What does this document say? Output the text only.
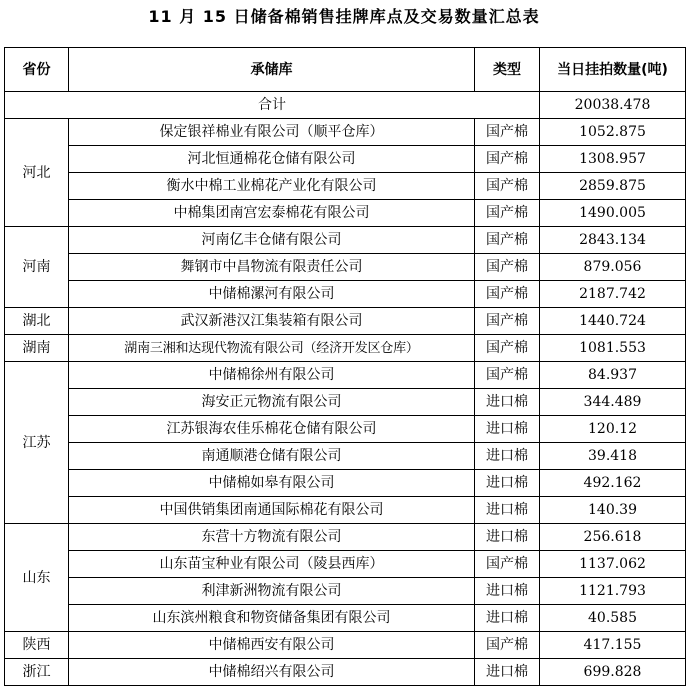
11 月 15 日储备棉销售挂牌库点及交易数量汇总表
省份	承储库	类型	当日挂拍数量(吨)
合计			20038.478
河北	保定银祥棉业有限公司（顺平仓库）	国产棉	1052.875
	河北恒通棉花仓储有限公司	国产棉	1308.957
	衡水中棉工业棉花产业化有限公司	国产棉	2859.875
	中棉集团南宫宏泰棉花有限公司	国产棉	1490.005
河南	河南亿丰仓储有限公司	国产棉	2843.134
	舞钢市中昌物流有限责任公司	国产棉	879.056
	中储棉漯河有限公司	国产棉	2187.742
湖北	武汉新港汉江集装箱有限公司	国产棉	1440.724
湖南	湖南三湘和达现代物流有限公司（经济开发区仓库）	国产棉	1081.553
江苏	中储棉徐州有限公司	国产棉	84.937
	海安正元物流有限公司	进口棉	344.489
	江苏银海农佳乐棉花仓储有限公司	进口棉	120.12
	南通顺港仓储有限公司	进口棉	39.418
	中储棉如皋有限公司	进口棉	492.162
	中国供销集团南通国际棉花有限公司	进口棉	140.39
山东	东营十方物流有限公司	进口棉	256.618
	山东苗宝种业有限公司（陵县西库）	国产棉	1137.062
	利津新洲物流有限公司	进口棉	1121.793
	山东滨州粮食和物资储备集团有限公司	进口棉	40.585
陕西	中储棉西安有限公司	国产棉	417.155
浙江	中储棉绍兴有限公司	进口棉	699.828
